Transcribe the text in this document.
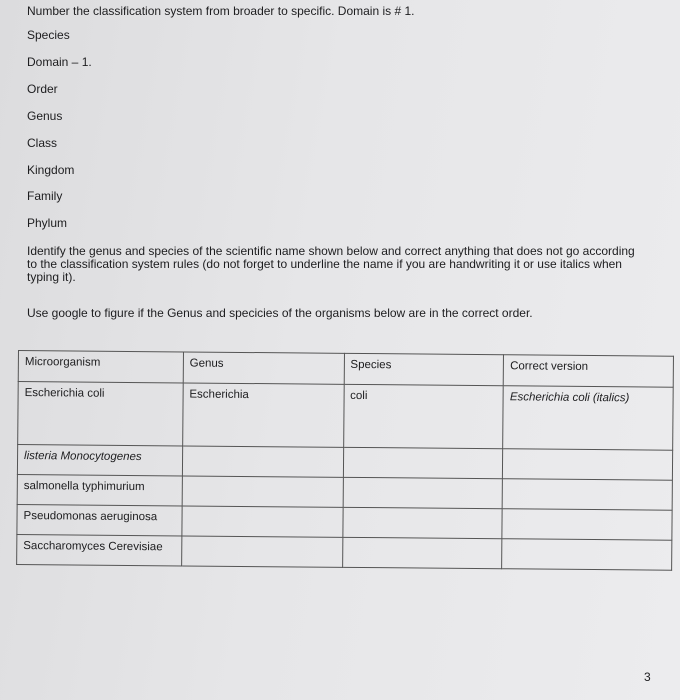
Number the classification system from broader to specific. Domain is # 1.
Species
Domain – 1.
Order
Genus
Class
Kingdom
Family
Phylum
Identify the genus and species of the scientific name shown below and correct anything that does not go according to the classification system rules (do not forget to underline the name if you are handwriting it or use italics when typing it).
Use google to figure if the Genus and specicies of the organisms below are in the correct order.
Microorganism	Genus	Species	Correct version
Escherichia coli	Escherichia	coli	Escherichia coli (italics)
listeria Monocytogenes			
salmonella typhimurium			
Pseudomonas aeruginosa			
Saccharomyces Cerevisiae			
3
